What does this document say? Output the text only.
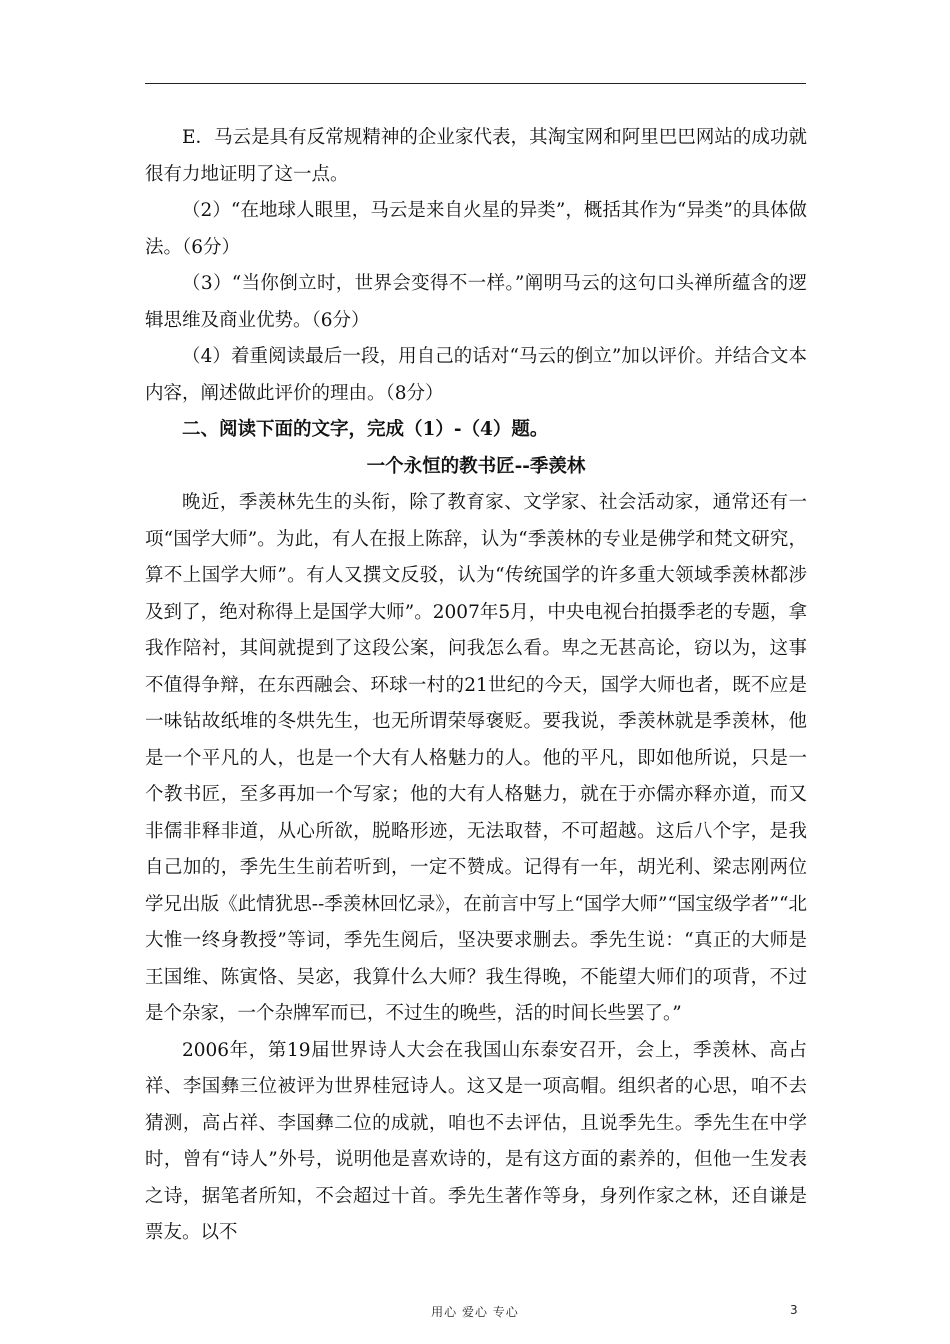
E．马云是具有反常规精神的企业家代表，其淘宝网和阿里巴巴网站的成功就很有力地证明了这一点。

（2）“在地球人眼里，马云是来自火星的异类”，概括其作为“异类”的具体做法。（6分）

（3）“当你倒立时，世界会变得不一样。”阐明马云的这句口头禅所蕴含的逻辑思维及商业优势。（6分）

（4）着重阅读最后一段，用自己的话对“马云的倒立”加以评价。并结合文本内容，阐述做此评价的理由。（8分）

二、阅读下面的文字，完成（1）-（4）题。

一个永恒的教书匠--季羡林

晚近，季羡林先生的头衔，除了教育家、文学家、社会活动家，通常还有一项“国学大师”。为此，有人在报上陈辞，认为“季羡林的专业是佛学和梵文研究，算不上国学大师”。有人又撰文反驳，认为“传统国学的许多重大领域季羡林都涉及到了，绝对称得上是国学大师”。2007年5月，中央电视台拍摄季老的专题，拿我作陪衬，其间就提到了这段公案，问我怎么看。卑之无甚高论，窃以为，这事不值得争辩，在东西融会、环球一村的21世纪的今天，国学大师也者，既不应是一味钻故纸堆的冬烘先生，也无所谓荣辱褒贬。要我说，季羡林就是季羡林，他是一个平凡的人，也是一个大有人格魅力的人。他的平凡，即如他所说，只是一个教书匠，至多再加一个写家；他的大有人格魅力，就在于亦儒亦释亦道，而又非儒非释非道，从心所欲，脱略形迹，无法取替，不可超越。这后八个字，是我自己加的，季先生生前若听到，一定不赞成。记得有一年，胡光利、梁志刚两位学兄出版《此情犹思--季羡林回忆录》，在前言中写上“国学大师”“国宝级学者”“北大惟一终身教授”等词，季先生阅后，坚决要求删去。季先生说：“真正的大师是王国维、陈寅恪、吴宓，我算什么大师？我生得晚，不能望大师们的项背，不过是个杂家，一个杂牌军而已，不过生的晚些，活的时间长些罢了。”

2006年，第19届世界诗人大会在我国山东泰安召开，会上，季羡林、高占祥、李国彝三位被评为世界桂冠诗人。这又是一项高帽。组织者的心思，咱不去猜测，高占祥、李国彝二位的成就，咱也不去评估，且说季先生。季先生在中学时，曾有“诗人”外号，说明他是喜欢诗的，是有这方面的素养的，但他一生发表之诗，据笔者所知，不会超过十首。季先生著作等身，身列作家之林，还自谦是票友。以不

用心 爱心 专心	3
